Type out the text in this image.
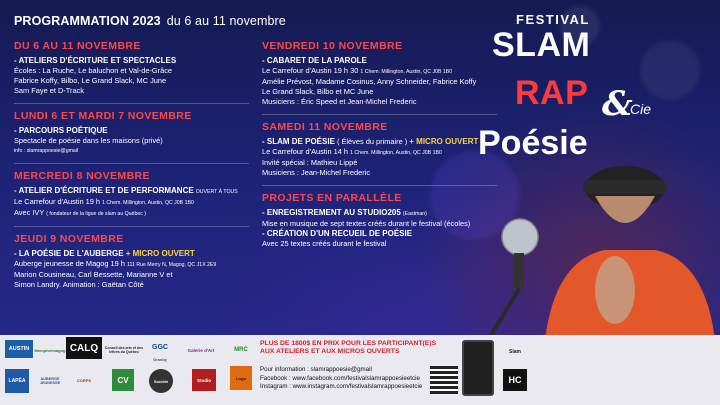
PROGRAMMATION 2023 du 6 au 11 novembre
DU 6 AU 11 NOVEMBRE
- ATELIERS D'ÉCRITURE ET SPECTACLES
Écoles : La Ruche, Le baluchon et Val-de-Grâce
Fabrice Koffy, Bilbo, Le Grand Slack, MC June
Sam Faye et D-Track
LUNDI 6 ET MARDI 7 NOVEMBRE
- PARCOURS POÉTIQUE
Spectacle de poésie dans les maisons (privé)
info : slamrappoesie@gmail
MERCREDI 8 NOVEMBRE
- ATELIER D'ÉCRITURE ET DE PERFORMANCE OUVERT À TOUS
Le Carrefour d'Austin 19 h 1 Chem. Millington, Austin, QC J0B 1B0
Avec IVY ( fondateur de la ligue de slam au Québec )
JEUDI 9 NOVEMBRE
- LA POÉSIE DE L'AUBERGE + MICRO OUVERT
Auberge jeunesse de Magog 19 h 111 Rue Merry N, Magog, QC J1X 2E9
Marion Cousineau, Carl Bessette, Marianne V et
Simon Landry. Animation : Gaëtan Côté
VENDREDI 10 NOVEMBRE
- CABARET DE LA PAROLE
Le Carrefour d'Austin 19 h 30 1 Chem. Millington, Austin, QC J0B 1B0
Amélie Prévost, Madame Cosinus, Anny Schneider, Fabrice Koffy
Le Grand Slack, Bilbo et MC June
Musiciens : Éric Speed et Jean-Michel Frederic
SAMEDI 11 NOVEMBRE
- SLAM DE POÉSIE ( Élèves du primaire ) + MICRO OUVERT
Le Carrefour d'Austin 14 h 1 Chem. Millington, Austin, QC J0B 1B0
Invité spécial : Mathieu Lippé
Musiciens : Jean-Michel Frederic
PROJETS EN PARALLÈLE
- ENREGISTREMENT AU STUDIO205 (Eastman)
Mise en musique de sept textes créés durant le festival (écoles)
- CRÉATION D'UN RECUEIL DE POÉSIE
Avec 25 textes créés durant le festival
FESTIVAL
SLAM
RAP &
Cie
Poésie
AUSTIN Memphrémagog CALQ Conseil des arts et des lettres du Québec
GGC
Granby
Galerie d'Art	MRC
LAPÉA	AUBERGE JEUNESSE
CORPS	CV	Société	Studio	Logo
PLUS DE 1800$ EN PRIX POUR LES PARTICIPANT(E)S
AUX ATELIERS ET AUX MICROS OUVERTS
Pour information : slamrappoesie@gmail
Facebook : www.facebook.com/festivalslamrappoesieetcie
Instagram : www.instagram.com/festivalslamrappoesieetcie
Slam
HC
